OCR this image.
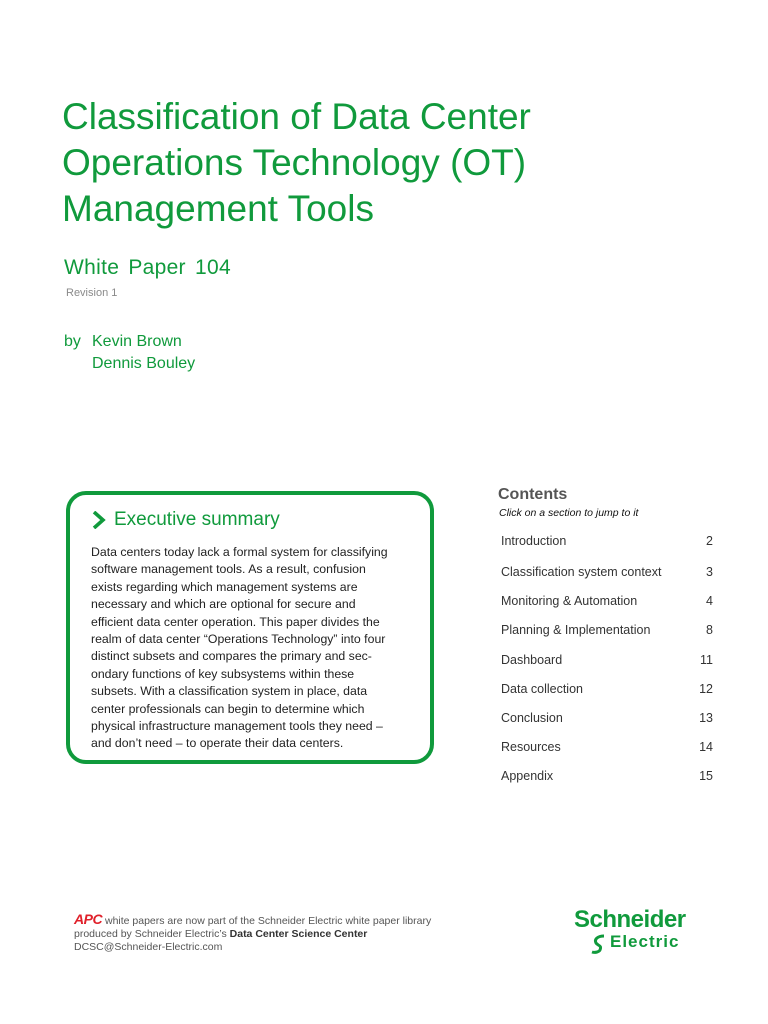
Classification of Data Center
Operations Technology (OT)
Management Tools
White Paper 104
Revision 1
by Kevin Brown
Dennis Bouley
Executive summary
Data centers today lack a formal system for classifying
software management tools. As a result, confusion
exists regarding which management systems are
necessary and which are optional for secure and
efficient data center operation. This paper divides the
realm of data center “Operations Technology” into four
distinct subsets and compares the primary and sec-
ondary functions of key subsystems within these
subsets. With a classification system in place, data
center professionals can begin to determine which
physical infrastructure management tools they need –
and don’t need – to operate their data centers.
Contents
Click on a section to jump to it
Introduction	2
Classification system context	3
Monitoring & Automation	4
Planning & Implementation	8
Dashboard	11
Data collection	12
Conclusion	13
Resources	14
Appendix	15
APC white papers are now part of the Schneider Electric white paper library
produced by Schneider Electric’s Data Center Science Center
DCSC@Schneider-Electric.com
Schneider
Electric
